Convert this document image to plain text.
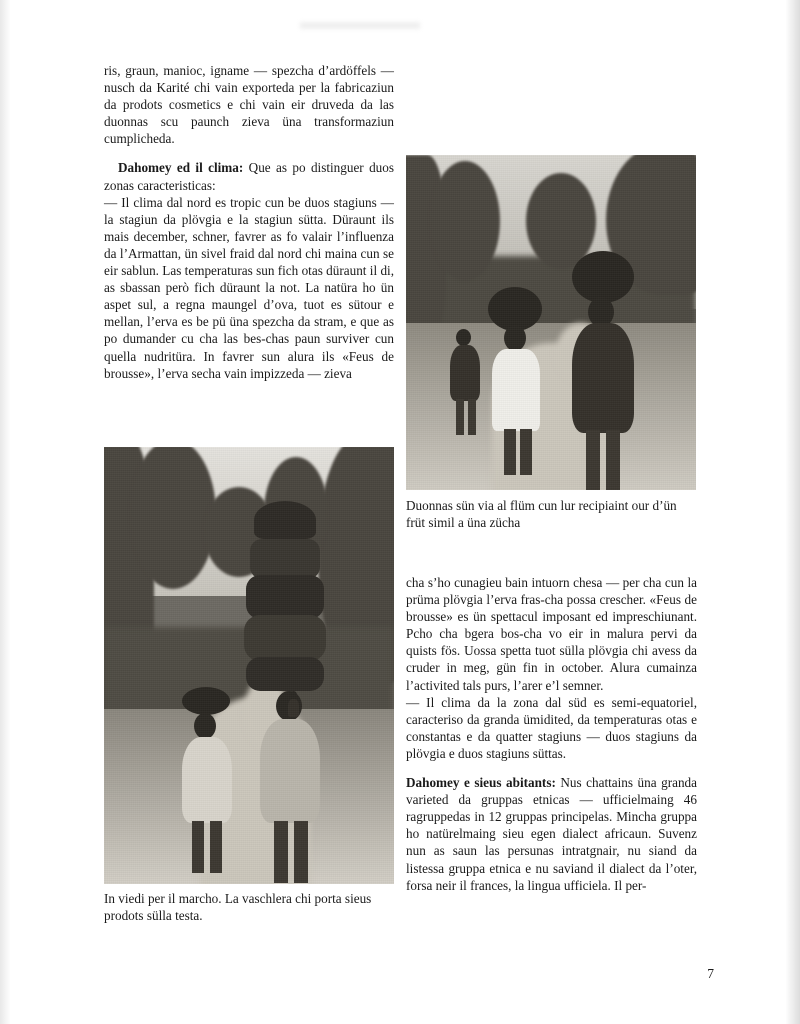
ris, graun, manioc, igname — spezcha d’ardöffels — nusch da Karité chi vain exporteda per la fabricaziun da prodots cosmetics e chi vain eir druveda da las duonnas scu paunch zieva üna transformaziun cumplicheda.

Dahomey ed il clima: Que as po distinguer duos zonas caracteristicas:

— Il clima dal nord es tropic cun be duos stagiuns — la stagiun da plövgia e la stagiun sütta. Düraunt ils mais december, schner, favrer as fo valair l’influenza da l’Armattan, ün sivel fraid dal nord chi maina cun se eir sablun. Las temperaturas sun fich otas düraunt il di, as sbassan però fich düraunt la not. La natüra ho ün aspet sul, a regna maungel d’ova, tuot es sütour e mellan, l’erva es be pü üna spezcha da stram, e que as po dumander cu cha las bes-chas paun surviver cun quella nudritüra. In favrer sun alura ils «Feus de brousse», l’erva secha vain impizzeda — zieva

Duonnas sün via al flüm cun lur recipiaint our d’ün früt simil a üna zücha

cha s’ho cunagieu bain intuorn chesa — per cha cun la prüma plövgia l’erva fras-cha possa crescher. «Feus de brousse» es ün spettacul imposant ed impreschiunant. Pcho cha bgera bos-cha vo eir in malura pervi da quists fös. Uossa spetta tuot sülla plövgia chi avess da cruder in meg, gün fin in october. Alura cumainza l’activited tals purs, l’arer e’l semner.

— Il clima da la zona dal süd es semi-equatoriel, caracteriso da granda ümidited, da temperaturas otas e constantas e da quatter stagiuns — duos stagiuns da plövgia e duos stagiuns süttas.

Dahomey e sieus abitants: Nus chattains üna granda varieted da gruppas etnicas — ufficielmaing 46 ragruppedas in 12 gruppas principelas. Mincha gruppa ho natürelmaing sieu egen dialect africaun. Suvenz nun as saun las persunas intratgnair, nu siand da listessa gruppa etnica e nu saviand il dialect da l’oter, forsa neir il frances, la lingua ufficiela. Il per-

In viedi per il marcho. La vaschlera chi porta sieus prodots sülla testa.
7
